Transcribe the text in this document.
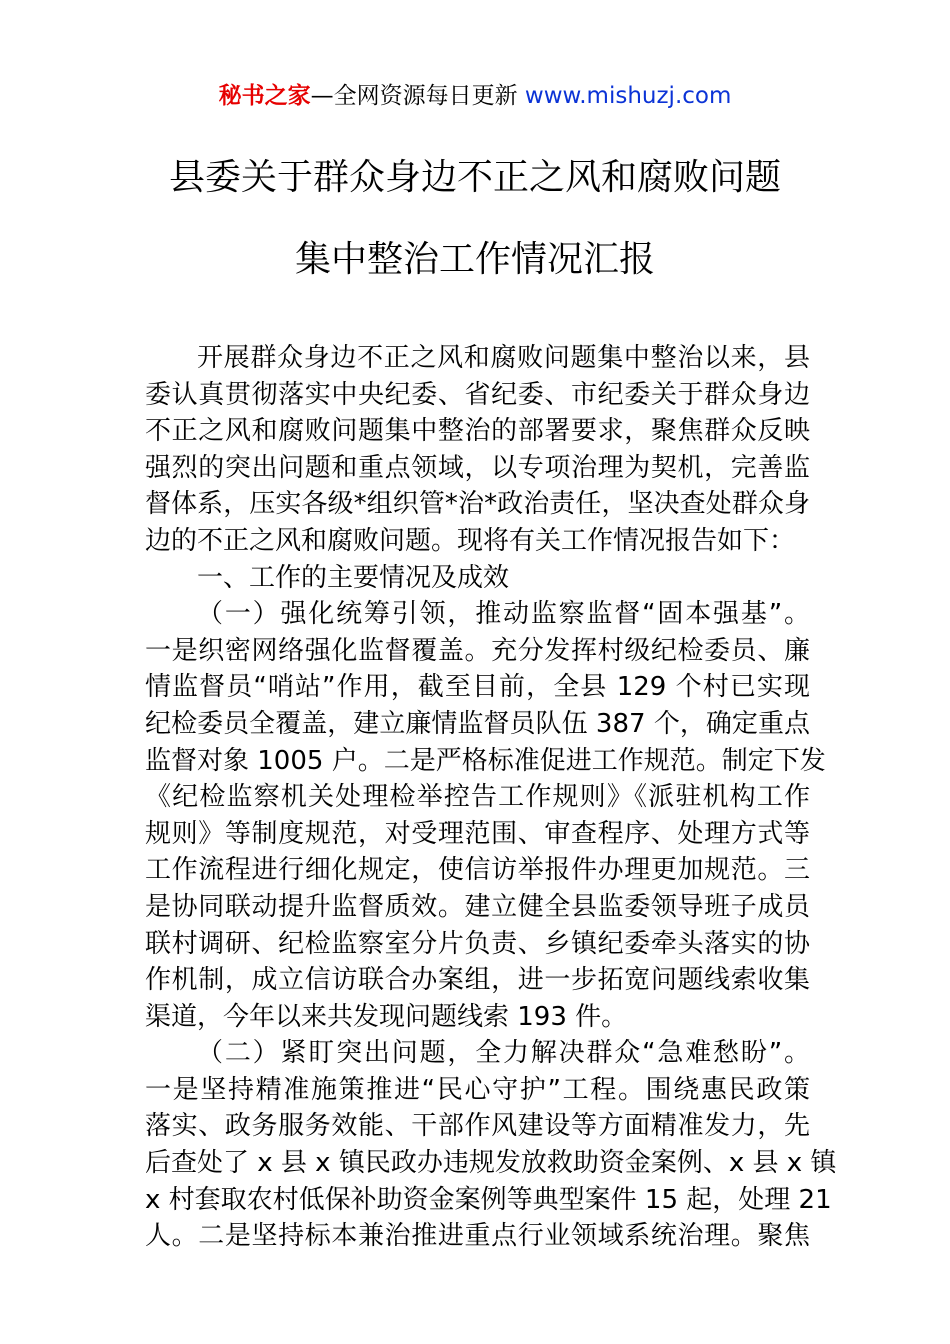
秘书之家—全网资源每日更新 www.mishuzj.com
县委关于群众身边不正之风和腐败问题
集中整治工作情况汇报
开展群众身边不正之风和腐败问题集中整治以来，县
委认真贯彻落实中央纪委、省纪委、市纪委关于群众身边
不正之风和腐败问题集中整治的部署要求，聚焦群众反映
强烈的突出问题和重点领域，以专项治理为契机，完善监
督体系，压实各级*组织管*治*政治责任，坚决查处群众身
边的不正之风和腐败问题。现将有关工作情况报告如下：
一、工作的主要情况及成效
（一）强化统筹引领，推动监察监督“固本强基”。
一是织密网络强化监督覆盖。充分发挥村级纪检委员、廉
情监督员“哨站”作用，截至目前，全县 129 个村已实现
纪检委员全覆盖，建立廉情监督员队伍 387 个，确定重点
监督对象 1005 户。二是严格标准促进工作规范。制定下发
《纪检监察机关处理检举控告工作规则》《派驻机构工作
规则》等制度规范，对受理范围、审查程序、处理方式等
工作流程进行细化规定，使信访举报件办理更加规范。三
是协同联动提升监督质效。建立健全县监委领导班子成员
联村调研、纪检监察室分片负责、乡镇纪委牵头落实的协
作机制，成立信访联合办案组，进一步拓宽问题线索收集
渠道，今年以来共发现问题线索 193 件。
（二）紧盯突出问题，全力解决群众“急难愁盼”。
一是坚持精准施策推进“民心守护”工程。围绕惠民政策
落实、政务服务效能、干部作风建设等方面精准发力，先
后查处了 x 县 x 镇民政办违规发放救助资金案例、x 县 x 镇
x 村套取农村低保补助资金案例等典型案件 15 起，处理 21
人。二是坚持标本兼治推进重点行业领域系统治理。聚焦
